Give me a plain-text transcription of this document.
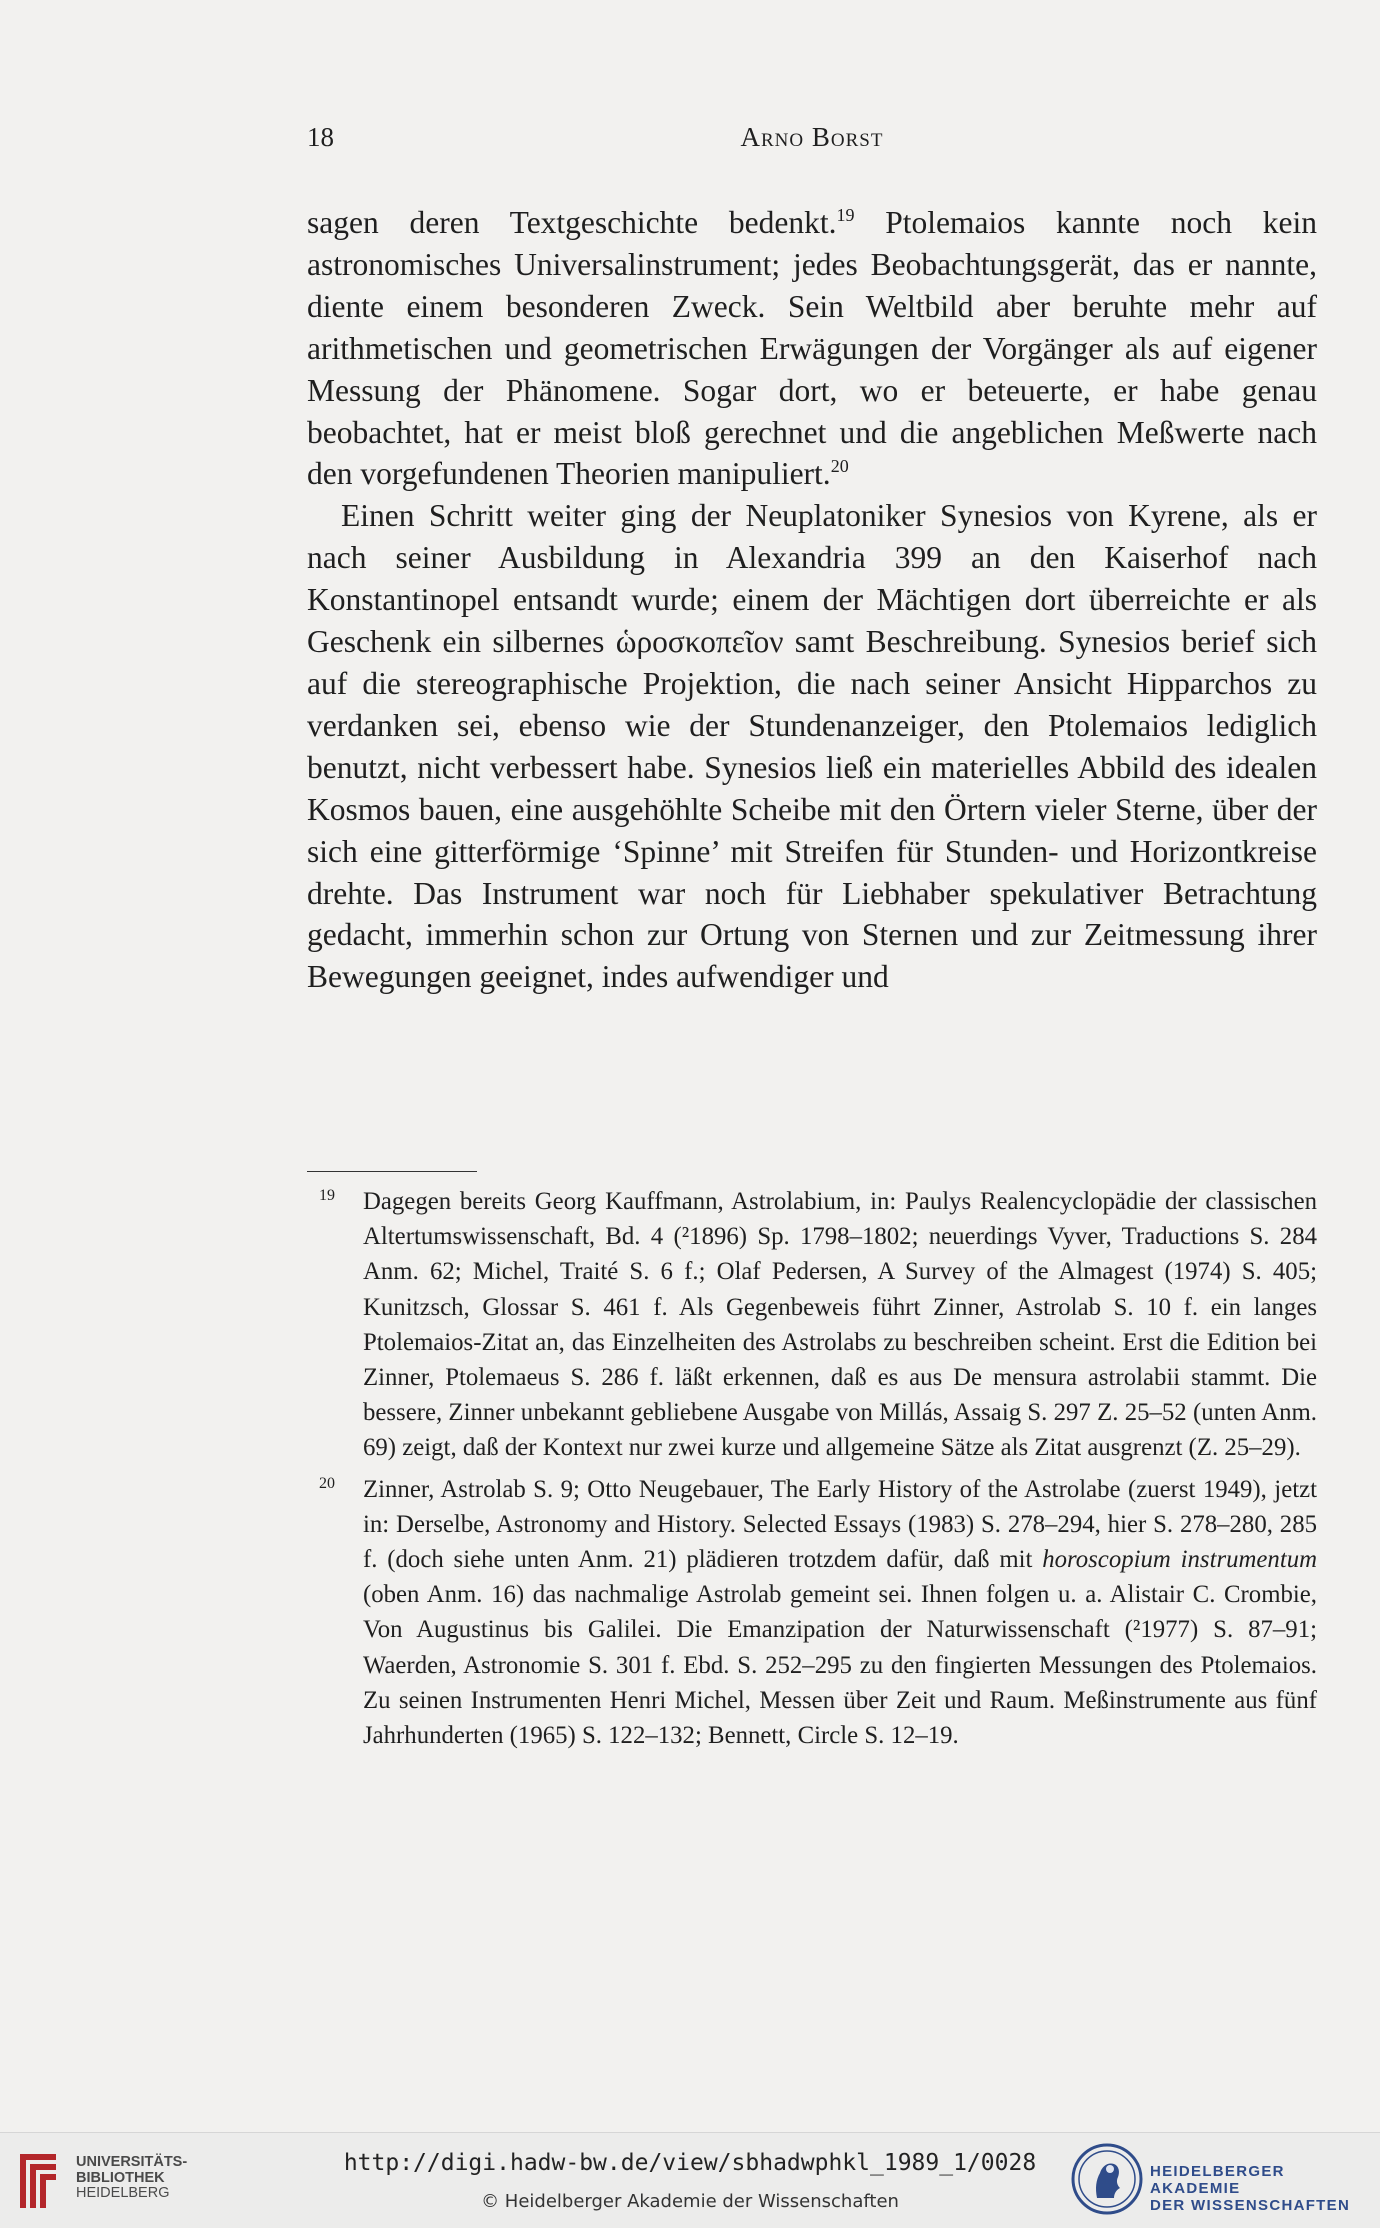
18	Arno Borst

sagen deren Textgeschichte bedenkt.$^{19}$ Ptolemaios kannte noch kein astronomisches Universalinstrument; jedes Beobachtungsgerät, das er nannte, diente einem besonderen Zweck. Sein Weltbild aber beruhte mehr auf arithmetischen und geometrischen Erwägungen der Vorgänger als auf eigener Messung der Phänomene. Sogar dort, wo er beteuerte, er habe genau beobachtet, hat er meist bloß gerechnet und die angeblichen Meßwerte nach den vorgefundenen Theorien manipuliert.$^{20}$

Einen Schritt weiter ging der Neuplatoniker Synesios von Kyrene, als er nach seiner Ausbildung in Alexandria 399 an den Kaiserhof nach Konstantinopel entsandt wurde; einem der Mächtigen dort überreichte er als Geschenk ein silbernes ὡροσκοπεῖον samt Beschreibung. Synesios berief sich auf die stereographische Projektion, die nach seiner Ansicht Hipparchos zu verdanken sei, ebenso wie der Stundenanzeiger, den Ptolemaios lediglich benutzt, nicht verbessert habe. Synesios ließ ein materielles Abbild des idealen Kosmos bauen, eine ausgehöhlte Scheibe mit den Örtern vieler Sterne, über der sich eine gitterförmige ‘Spinne’ mit Streifen für Stunden- und Horizontkreise drehte. Das Instrument war noch für Liebhaber spekulativer Betrachtung gedacht, immerhin schon zur Ortung von Sternen und zur Zeitmessung ihrer Bewegungen geeignet, indes aufwendiger und

19 Dagegen bereits Georg Kauffmann, Astrolabium, in: Paulys Realencyclopädie der classischen Altertumswissenschaft, Bd. 4 (²1896) Sp. 1798–1802; neuerdings Vyver, Traductions S. 284 Anm. 62; Michel, Traité S. 6 f.; Olaf Pedersen, A Survey of the Almagest (1974) S. 405; Kunitzsch, Glossar S. 461 f. Als Gegenbeweis führt Zinner, Astrolab S. 10 f. ein langes Ptolemaios-Zitat an, das Einzelheiten des Astrolabs zu beschreiben scheint. Erst die Edition bei Zinner, Ptolemaeus S. 286 f. läßt erkennen, daß es aus De mensura astrolabii stammt. Die bessere, Zinner unbekannt gebliebene Ausgabe von Millás, Assaig S. 297 Z. 25–52 (unten Anm. 69) zeigt, daß der Kontext nur zwei kurze und allgemeine Sätze als Zitat ausgrenzt (Z. 25–29).
20 Zinner, Astrolab S. 9; Otto Neugebauer, The Early History of the Astrolabe (zuerst 1949), jetzt in: Derselbe, Astronomy and History. Selected Essays (1983) S. 278–294, hier S. 278–280, 285 f. (doch siehe unten Anm. 21) plädieren trotzdem dafür, daß mit horoscopium instrumentum (oben Anm. 16) das nachmalige Astrolab gemeint sei. Ihnen folgen u. a. Alistair C. Crombie, Von Augustinus bis Galilei. Die Emanzipation der Naturwissenschaft (²1977) S. 87–91; Waerden, Astronomie S. 301 f. Ebd. S. 252–295 zu den fingierten Messungen des Ptolemaios. Zu seinen Instrumenten Henri Michel, Messen über Zeit und Raum. Meßinstrumente aus fünf Jahrhunderten (1965) S. 122–132; Bennett, Circle S. 12–19.
UNIVERSITÄTS-
BIBLIOTHEK
HEIDELBERG
http://digi.hadw-bw.de/view/sbhadwphkl_1989_1/0028
© Heidelberger Akademie der Wissenschaften
HEIDELBERGER AKADEMIE
DER WISSENSCHAFTEN
